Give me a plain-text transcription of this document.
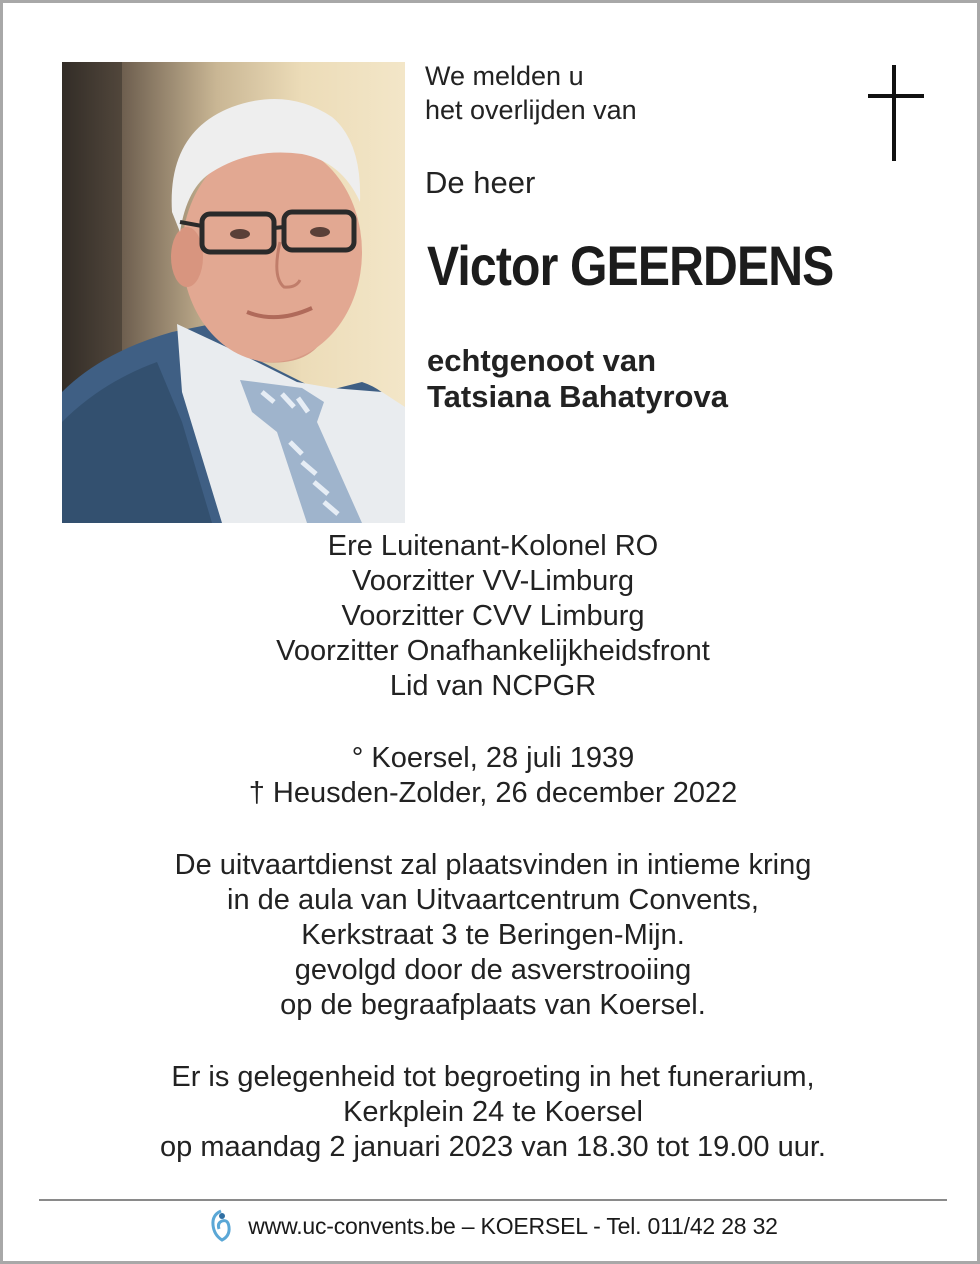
We melden u
het overlijden van
De heer
Victor GEERDENS
echtgenoot van
Tatsiana Bahatyrova
Ere Luitenant-Kolonel RO
Voorzitter VV-Limburg
Voorzitter CVV Limburg
Voorzitter Onafhankelijkheidsfront
Lid van NCPGR
° Koersel, 28 juli 1939
† Heusden-Zolder, 26 december 2022
De uitvaartdienst zal plaatsvinden in intieme kring
in de aula van Uitvaartcentrum Convents,
Kerkstraat 3 te Beringen-Mijn.
gevolgd door de asverstrooiing
op de begraafplaats van Koersel.
Er is gelegenheid tot begroeting in het funerarium,
Kerkplein 24 te Koersel
op maandag 2 januari 2023 van 18.30 tot 19.00 uur.
www.uc-convents.be – KOERSEL - Tel. 011/42 28 32
